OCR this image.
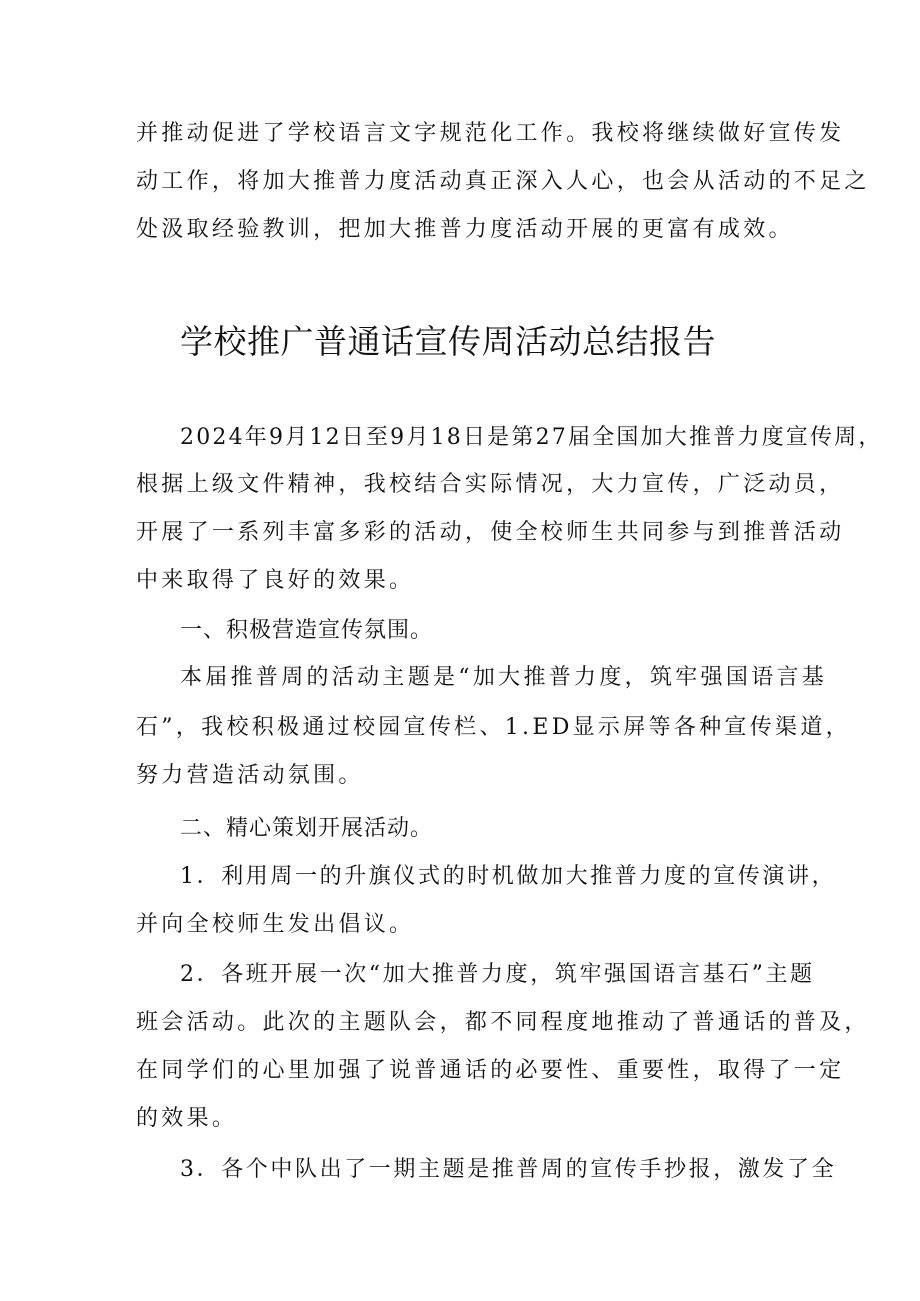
并推动促进了学校语言文字规范化工作。我校将继续做好宣传发
动工作，将加大推普力度活动真正深入人心，也会从活动的不足之
处汲取经验教训，把加大推普力度活动开展的更富有成效。
学校推广普通话宣传周活动总结报告
2024年9月12日至9月18日是第27届全国加大推普力度宣传周，
根据上级文件精神，我校结合实际情况，大力宣传，广泛动员，
开展了一系列丰富多彩的活动，使全校师生共同参与到推普活动
中来取得了良好的效果。
一、积极营造宣传氛围。
本届推普周的活动主题是“加大推普力度，筑牢强国语言基
石”，我校积极通过校园宣传栏、1.ED显示屏等各种宣传渠道，
努力营造活动氛围。
二、精心策划开展活动。
1．利用周一的升旗仪式的时机做加大推普力度的宣传演讲，
并向全校师生发出倡议。
2．各班开展一次“加大推普力度，筑牢强国语言基石”主题
班会活动。此次的主题队会，都不同程度地推动了普通话的普及，
在同学们的心里加强了说普通话的必要性、重要性，取得了一定
的效果。
3．各个中队出了一期主题是推普周的宣传手抄报，激发了全
